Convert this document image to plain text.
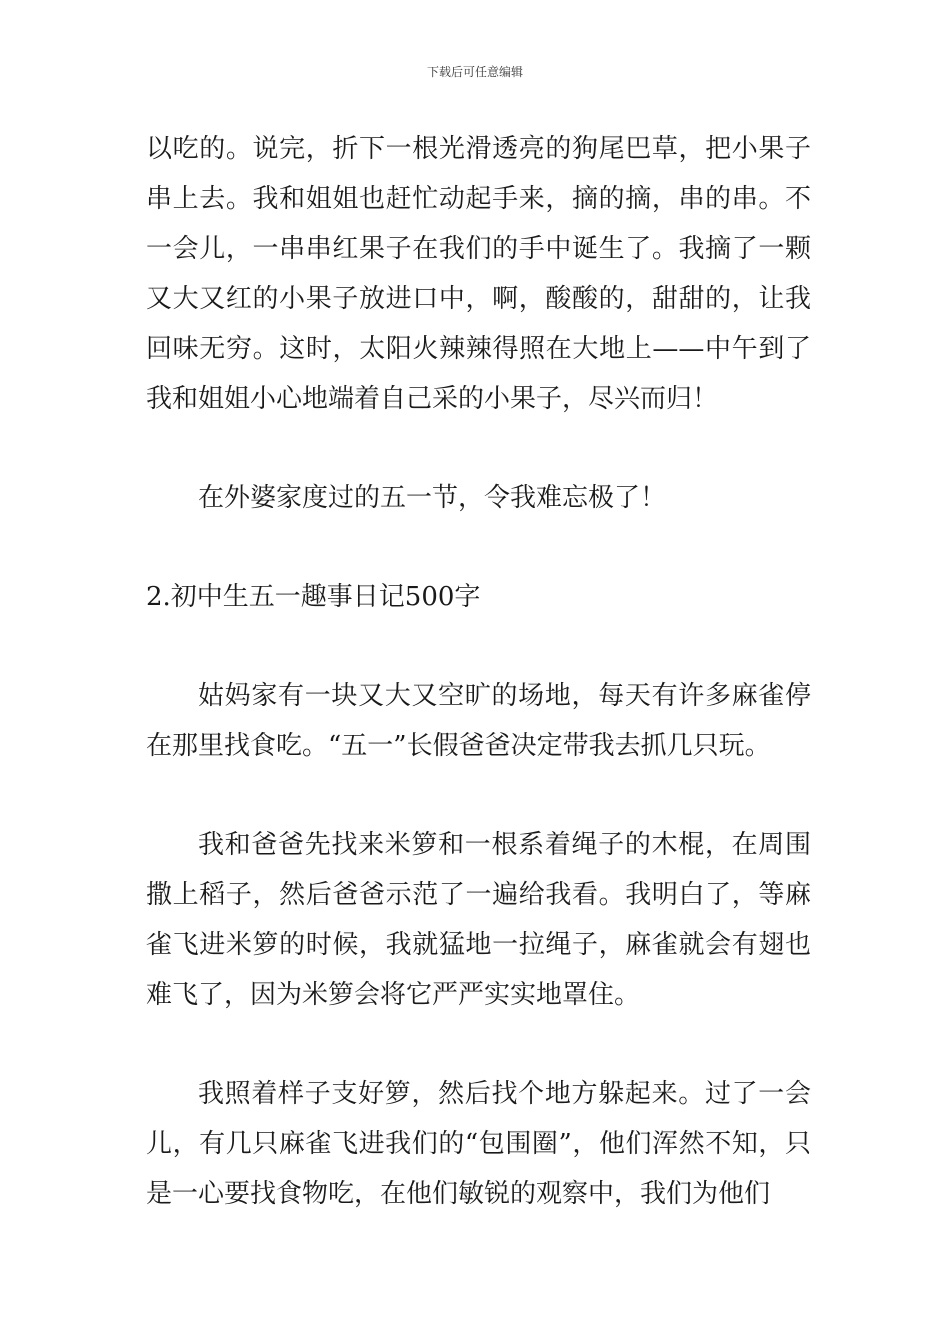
下载后可任意编辑

以吃的。说完，折下一根光滑透亮的狗尾巴草，把小果子串上去。我和姐姐也赶忙动起手来，摘的摘，串的串。不一会儿，一串串红果子在我们的手中诞生了。我摘了一颗又大又红的小果子放进口中，啊，酸酸的，甜甜的，让我回味无穷。这时，太阳火辣辣得照在大地上——中午到了我和姐姐小心地端着自己采的小果子，尽兴而归！

在外婆家度过的五一节，令我难忘极了！

2.初中生五一趣事日记500字

姑妈家有一块又大又空旷的场地，每天有许多麻雀停在那里找食吃。“五一”长假爸爸决定带我去抓几只玩。

我和爸爸先找来米箩和一根系着绳子的木棍，在周围撒上稻子，然后爸爸示范了一遍给我看。我明白了，等麻雀飞进米箩的时候，我就猛地一拉绳子，麻雀就会有翅也难飞了，因为米箩会将它严严实实地罩住。

我照着样子支好箩，然后找个地方躲起来。过了一会儿，有几只麻雀飞进我们的“包围圈”，他们浑然不知，只是一心要找食物吃，在他们敏锐的观察中，我们为他们
